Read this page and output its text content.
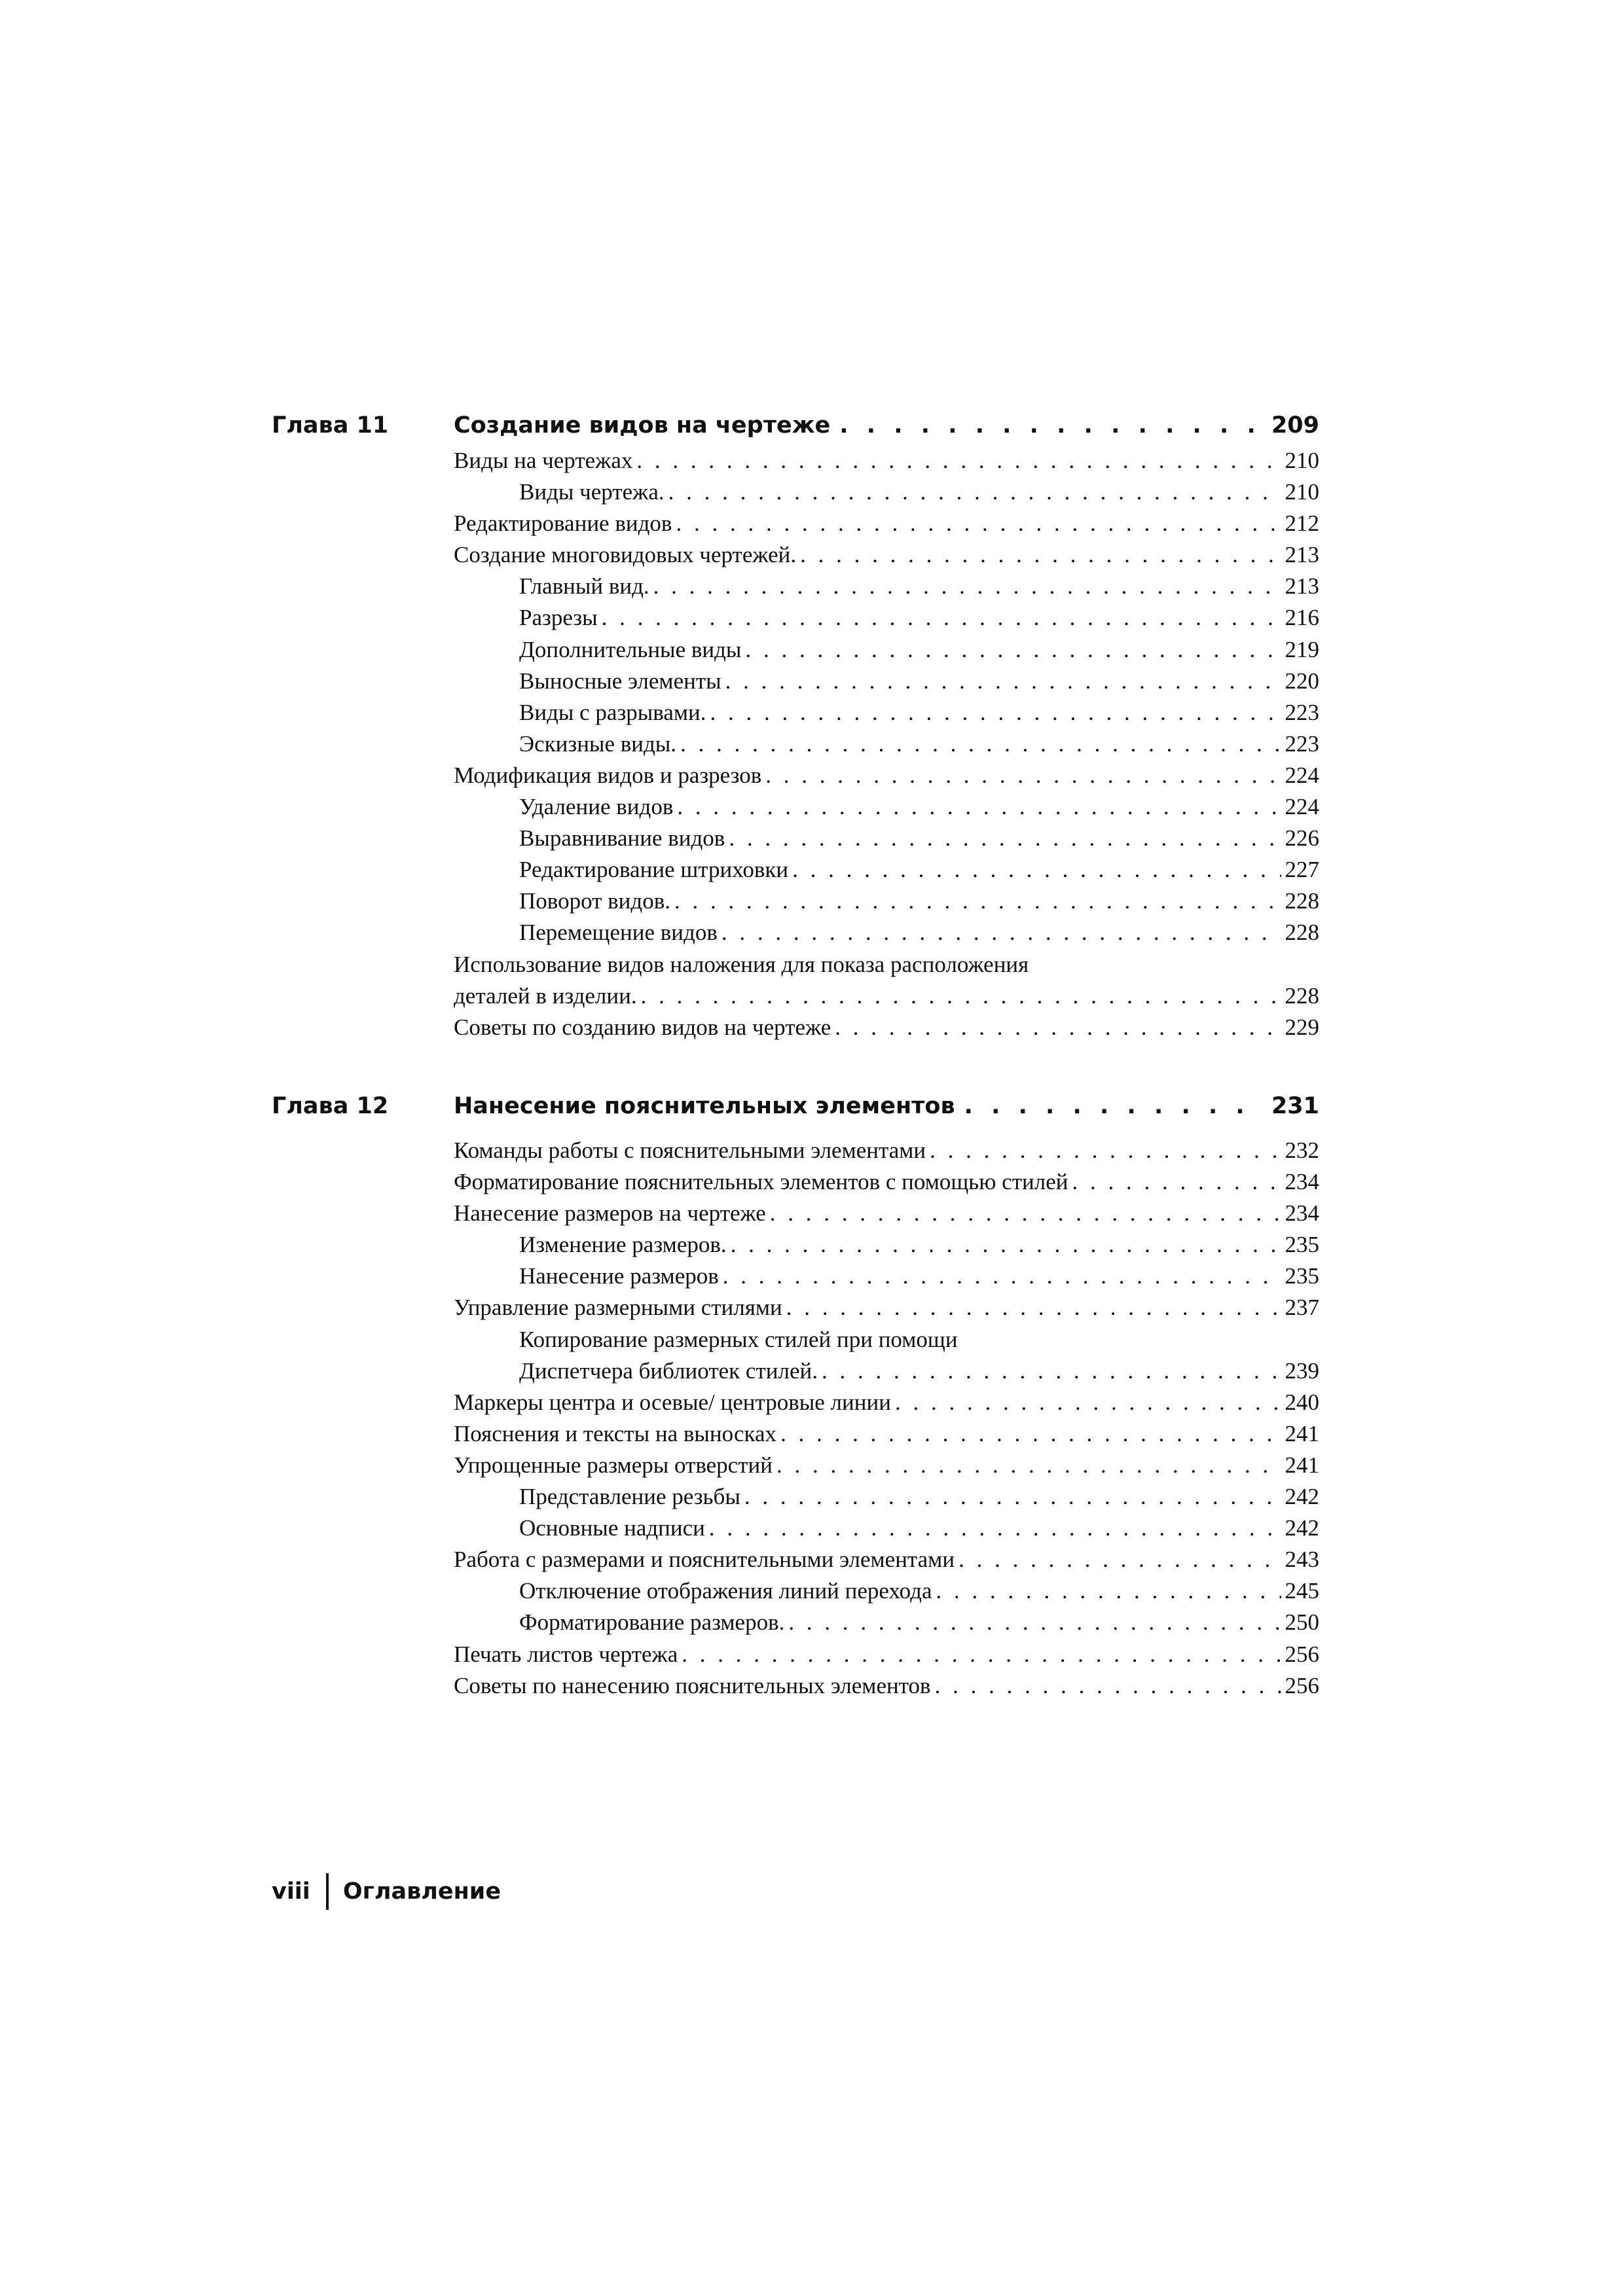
Глава 11	Создание видов на чертеже . . .	209
Виды на чертежах . . .	210
Виды чертежа. . . .	210
Редактирование видов . . .	212
Создание многовидовых чертежей. . . .	213
Главный вид. . . .	213
Разрезы . . .	216
Дополнительные виды . . .	219
Выносные элементы . . .	220
Виды с разрывами. . . .	223
Эскизные виды. . . .	223
Модификация видов и разрезов . . .	224
Удаление видов . . .	224
Выравнивание видов . . .	226
Редактирование штриховки . . .	227
Поворот видов. . . .	228
Перемещение видов . . .	228
Использование видов наложения для показа расположения
деталей в изделии. . . .	228
Советы по созданию видов на чертеже . . .	229
Глава 12	Нанесение пояснительных элементов . . .	231
Команды работы с пояснительными элементами . . .	232
Форматирование пояснительных элементов с помощью стилей . . .	234
Нанесение размеров на чертеже . . .	234
Изменение размеров. . . .	235
Нанесение размеров . . .	235
Управление размерными стилями . . .	237
Копирование размерных стилей при помощи
Диспетчера библиотек стилей. . . .	239
Маркеры центра и осевые/ центровые линии . . .	240
Пояснения и тексты на выносках . . .	241
Упрощенные размеры отверстий . . .	241
Представление резьбы . . .	242
Основные надписи . . .	242
Работа с размерами и пояснительными элементами . . .	243
Отключение отображения линий перехода . . .	245
Форматирование размеров. . . .	250
Печать листов чертежа . . .	256
Советы по нанесению пояснительных элементов . . .	256
viii Оглавление
